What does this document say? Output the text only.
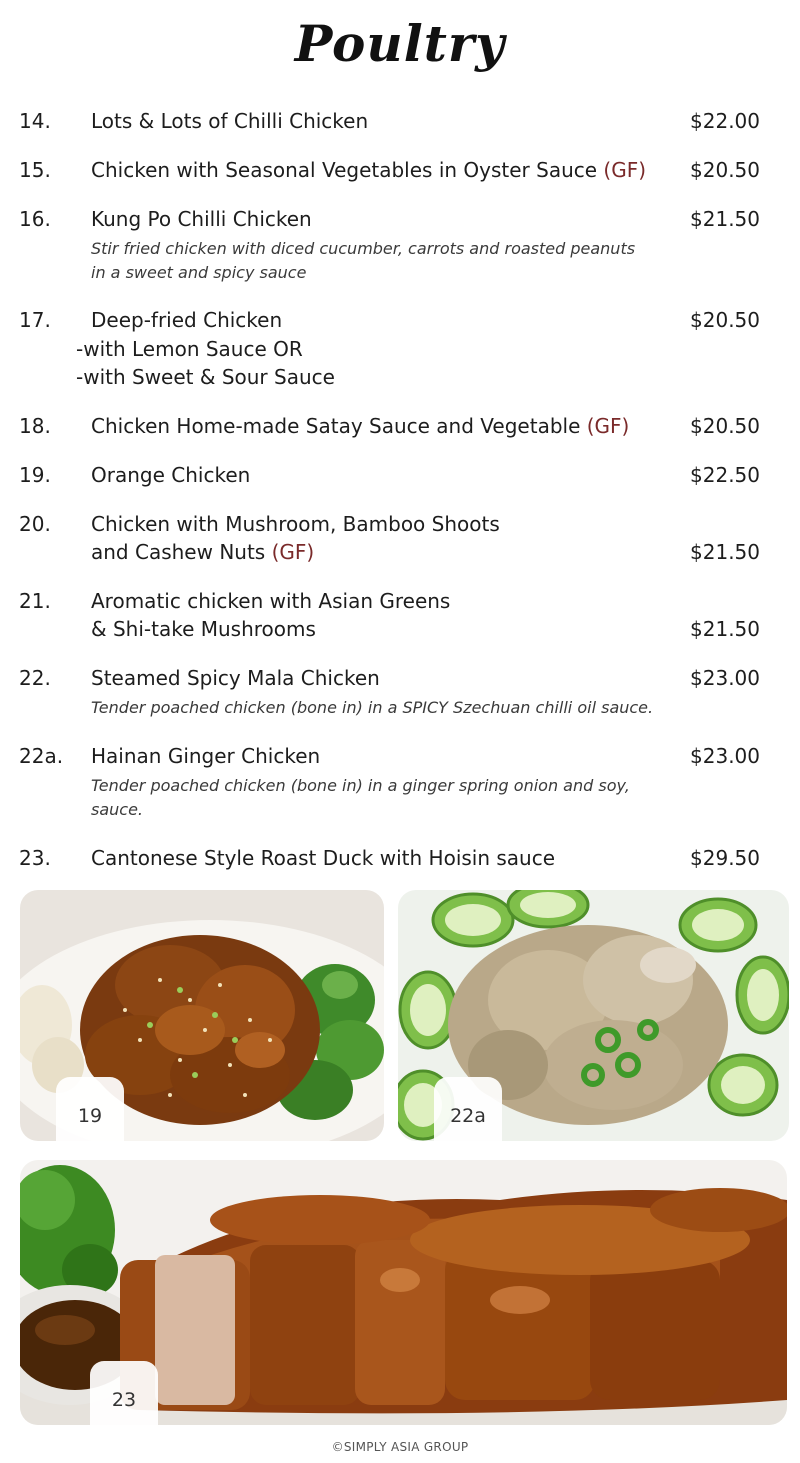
Poultry
14. Lots & Lots of Chilli Chicken	$22.00
15. Chicken with Seasonal Vegetables in Oyster Sauce (GF) $20.50
16. Kung Po Chilli Chicken	$21.50
Stir fried chicken with diced cucumber, carrots and roasted peanuts
in a sweet and spicy sauce
17. Deep-fried Chicken	$20.50
-with Lemon Sauce OR
-with Sweet & Sour Sauce
18. Chicken Home-made Satay Sauce and Vegetable (GF)	$20.50
19. Orange Chicken	$22.50
20. Chicken with Mushroom, Bamboo Shoots
and Cashew Nuts (GF)	$21.50
21. Aromatic chicken with Asian Greens
& Shi-take Mushrooms	$21.50
22. Steamed Spicy Mala Chicken	$23.00
Tender poached chicken (bone in) in a SPICY Szechuan chilli oil sauce.
22a. Hainan Ginger Chicken	$23.00
Tender poached chicken (bone in) in a ginger spring onion and soy,
sauce.
23. Cantonese Style Roast Duck with Hoisin sauce	$29.50
19	22a
23
©SIMPLY ASIA GROUP
